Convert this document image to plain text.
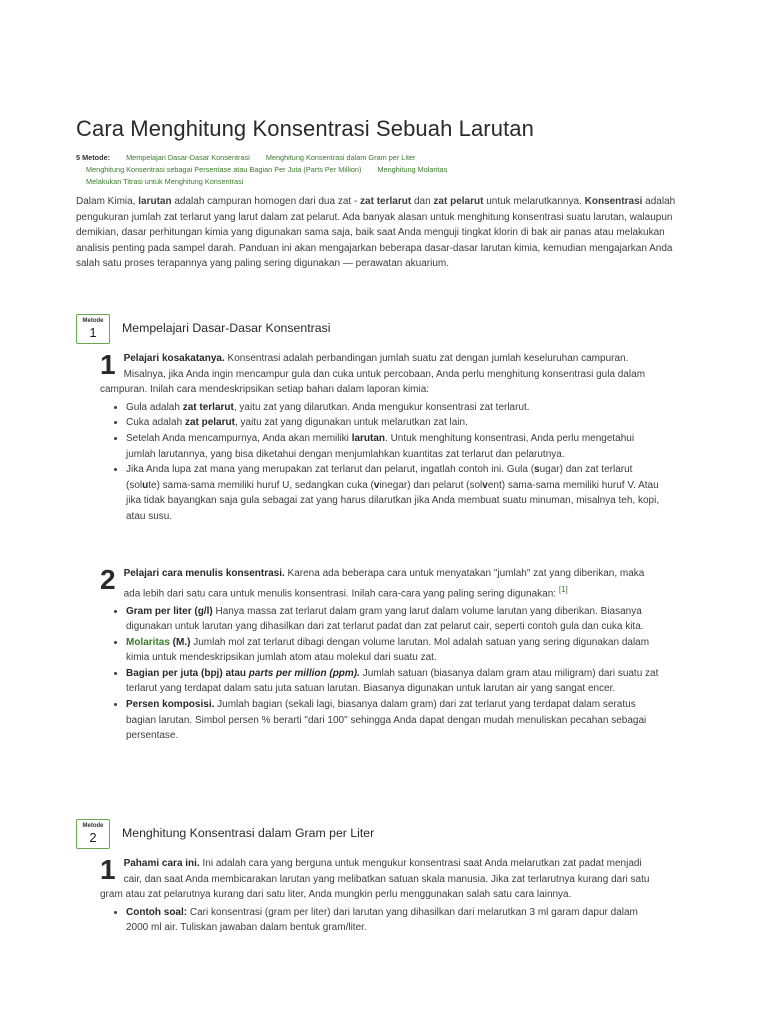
Cara Menghitung Konsentrasi Sebuah Larutan
5 Metode: Mempelajari Dasar-Dasar Konsentrasi Menghitung Konsentrasi dalam Gram per Liter
Menghitung Konsentrasi sebagai Persentase atau Bagian Per Juta (Parts Per Million) Menghitung Molaritas
Melakukan Titrasi untuk Menghitung Konsentrasi

Dalam Kimia, larutan adalah campuran homogen dari dua zat - zat terlarut dan zat pelarut untuk melarutkannya. Konsentrasi adalah pengukuran jumlah zat terlarut yang larut dalam zat pelarut. Ada banyak alasan untuk menghitung konsentrasi suatu larutan, walaupun demikian, dasar perhitungan kimia yang digunakan sama saja, baik saat Anda menguji tingkat klorin di bak air panas atau melakukan analisis penting pada sampel darah. Panduan ini akan mengajarkan beberapa dasar-dasar larutan kimia, kemudian mengajarkan Anda salah satu proses terapannya yang paling sering digunakan — perawatan akuarium.

Metode
1	Mempelajari Dasar-Dasar Konsentrasi
1 Pelajari kosakatanya. Konsentrasi adalah perbandingan jumlah suatu zat dengan jumlah keseluruhan campuran. Misalnya, jika Anda ingin mencampur gula dan cuka untuk percobaan, Anda perlu menghitung konsentrasi gula dalam campuran. Inilah cara mendeskripsikan setiap bahan dalam laporan kimia:

• Gula adalah zat terlarut, yaitu zat yang dilarutkan. Anda mengukur konsentrasi zat terlarut.
• Cuka adalah zat pelarut, yaitu zat yang digunakan untuk melarutkan zat lain.
• Setelah Anda mencampurnya, Anda akan memiliki larutan. Untuk menghitung konsentrasi, Anda perlu mengetahui jumlah larutannya, yang bisa diketahui dengan menjumlahkan kuantitas zat terlarut dan pelarutnya.
• Jika Anda lupa zat mana yang merupakan zat terlarut dan pelarut, ingatlah contoh ini. Gula (sugar) dan zat terlarut (solute) sama-sama memiliki huruf U, sedangkan cuka (vinegar) dan pelarut (solvent) sama-sama memiliki huruf V. Atau jika tidak bayangkan saja gula sebagai zat yang harus dilarutkan jika Anda membuat suatu minuman, misalnya teh, kopi, atau susu.
2 Pelajari cara menulis konsentrasi. Karena ada beberapa cara untuk menyatakan "jumlah" zat yang diberikan, maka ada lebih dari satu cara untuk menulis konsentrasi. Inilah cara-cara yang paling sering digunakan: [1]

• Gram per liter (g/l) Hanya massa zat terlarut dalam gram yang larut dalam volume larutan yang diberikan. Biasanya digunakan untuk larutan yang dihasilkan dari zat terlarut padat dan zat pelarut cair, seperti contoh gula dan cuka kita.
• Molaritas (M.) Jumlah mol zat terlarut dibagi dengan volume larutan. Mol adalah satuan yang sering digunakan dalam kimia untuk mendeskripsikan jumlah atom atau molekul dari suatu zat.
• Bagian per juta (bpj) atau parts per million (ppm). Jumlah satuan (biasanya dalam gram atau miligram) dari suatu zat terlarut yang terdapat dalam satu juta satuan larutan. Biasanya digunakan untuk larutan air yang sangat encer.
• Persen komposisi. Jumlah bagian (sekali lagi, biasanya dalam gram) dari zat terlarut yang terdapat dalam seratus bagian larutan. Simbol persen % berarti "dari 100" sehingga Anda dapat dengan mudah menuliskan pecahan sebagai persentase.
Metode
2	Menghitung Konsentrasi dalam Gram per Liter
1 Pahami cara ini. Ini adalah cara yang berguna untuk mengukur konsentrasi saat Anda melarutkan zat padat menjadi cair, dan saat Anda membicarakan larutan yang melibatkan satuan skala manusia. Jika zat terlarutnya kurang dari satu gram atau zat pelarutnya kurang dari satu liter, Anda mungkin perlu menggunakan salah satu cara lainnya.

• Contoh soal: Cari konsentrasi (gram per liter) dari larutan yang dihasilkan dari melarutkan 3 ml garam dapur dalam 2000 ml air. Tuliskan jawaban dalam bentuk gram/liter.
